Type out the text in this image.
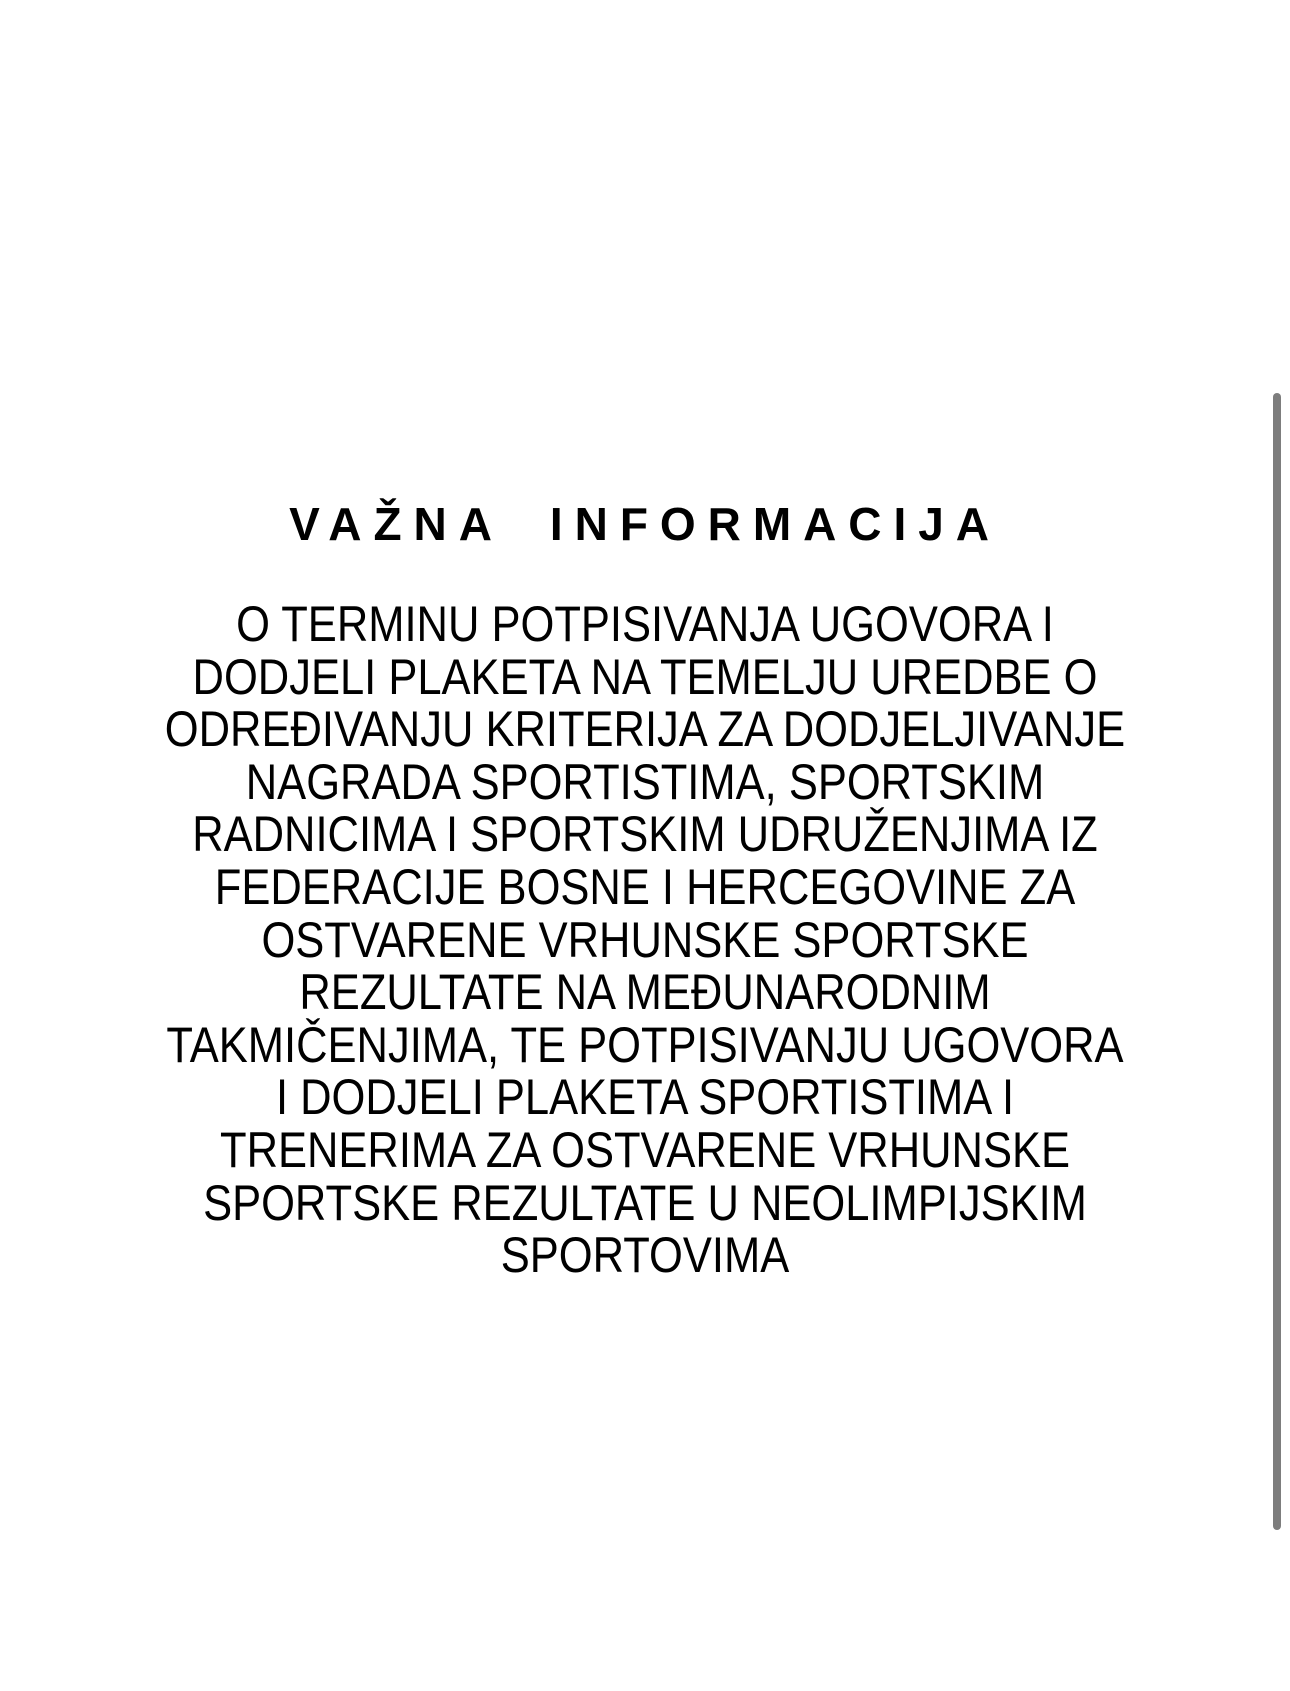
VAŽNA INFORMACIJA
O TERMINU POTPISIVANJA UGOVORA I
DODJELI PLAKETA NA TEMELJU UREDBE O
ODREĐIVANJU KRITERIJA ZA DODJELJIVANJE
NAGRADA SPORTISTIMA, SPORTSKIM
RADNICIMA I SPORTSKIM UDRUŽENJIMA IZ
FEDERACIJE BOSNE I HERCEGOVINE ZA
OSTVARENE VRHUNSKE SPORTSKE
REZULTATE NA MEĐUNARODNIM
TAKMIČENJIMA, TE POTPISIVANJU UGOVORA
I DODJELI PLAKETA SPORTISTIMA I
TRENERIMA ZA OSTVARENE VRHUNSKE
SPORTSKE REZULTATE U NEOLIMPIJSKIM
SPORTOVIMA
